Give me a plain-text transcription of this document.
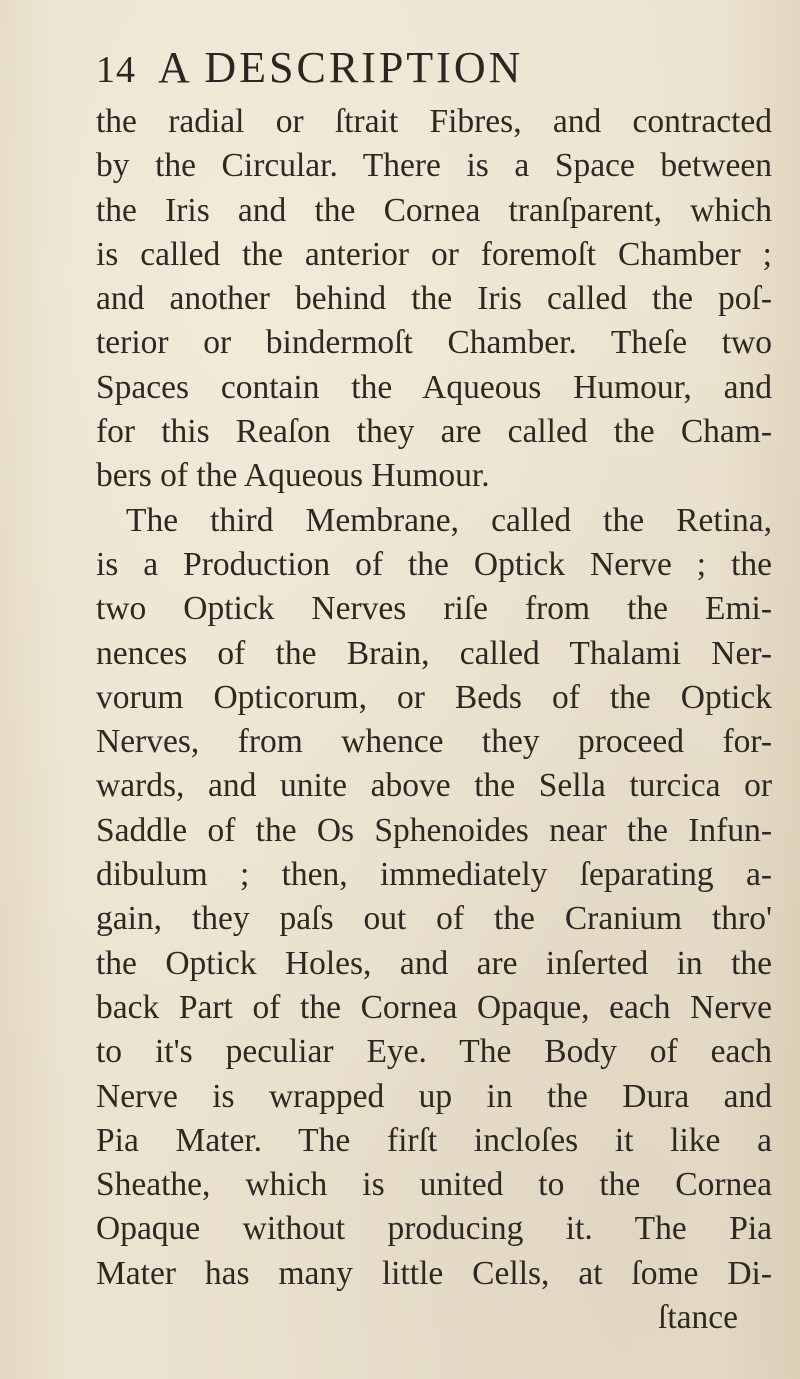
14 A DESCRIPTION
the radial or ſtrait Fibres, and contracted
by the Circular. There is a Space between
the Iris and the Cornea tranſparent, which
is called the anterior or foremoſt Chamber ;
and another behind the Iris called the poſ-
terior or bindermoſt Chamber. Theſe two
Spaces contain the Aqueous Humour, and
for this Reaſon they are called the Cham-
bers of the Aqueous Humour.
The third Membrane, called the Retina,
is a Production of the Optick Nerve ; the
two Optick Nerves riſe from the Emi-
nences of the Brain, called Thalami Ner-
vorum Opticorum, or Beds of the Optick
Nerves, from whence they proceed for-
wards, and unite above the Sella turcica or
Saddle of the Os Sphenoides near the Infun-
dibulum ; then, immediately ſeparating a-
gain, they paſs out of the Cranium thro'
the Optick Holes, and are inſerted in the
back Part of the Cornea Opaque, each Nerve
to it's peculiar Eye. The Body of each
Nerve is wrapped up in the Dura and
Pia Mater. The firſt incloſes it like a
Sheathe, which is united to the Cornea
Opaque without producing it. The Pia
Mater has many little Cells, at ſome Di-
ſtance
